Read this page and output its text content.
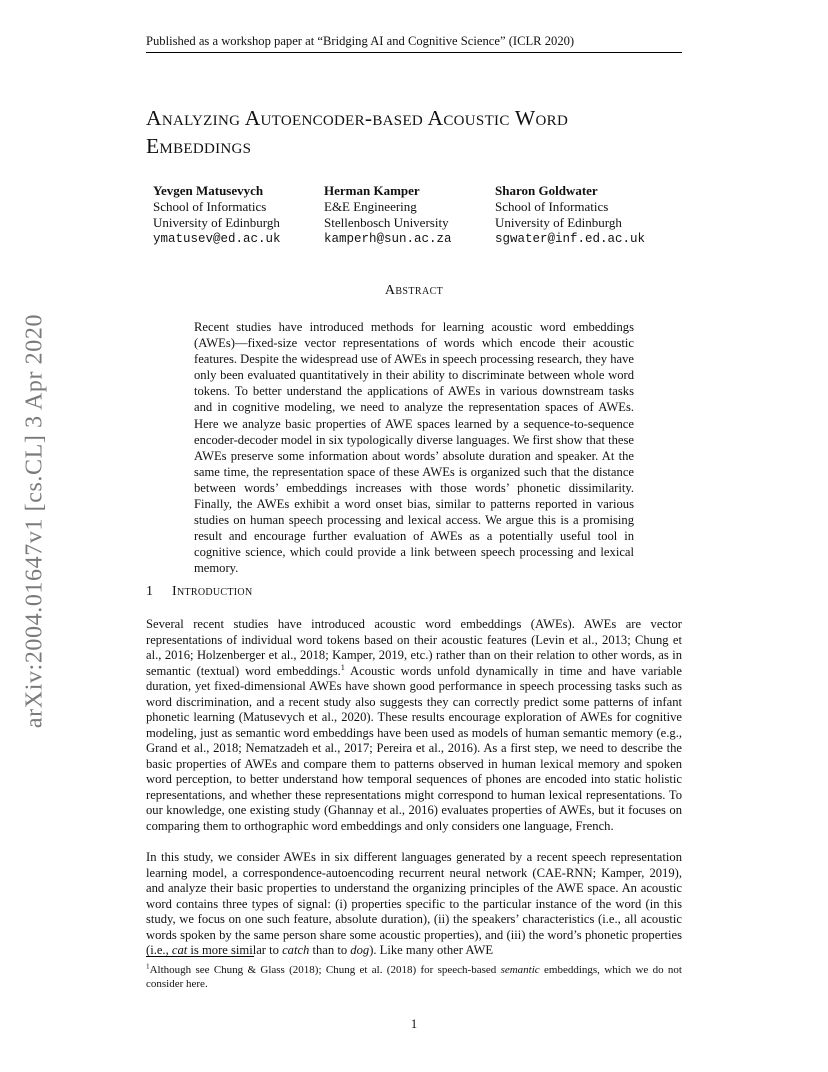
Published as a workshop paper at “Bridging AI and Cognitive Science” (ICLR 2020)
arXiv:2004.01647v1 [cs.CL] 3 Apr 2020
Analyzing Autoencoder-based Acoustic Word
Embeddings
Yevgen Matusevych
School of Informatics
University of Edinburgh
ymatusev@ed.ac.uk
Herman Kamper
E&E Engineering
Stellenbosch University
kamperh@sun.ac.za
Sharon Goldwater
School of Informatics
University of Edinburgh
sgwater@inf.ed.ac.uk
Abstract
Recent studies have introduced methods for learning acoustic word embeddings (AWEs)—fixed-size vector representations of words which encode their acoustic features. Despite the widespread use of AWEs in speech processing research, they have only been evaluated quantitatively in their ability to discriminate between whole word tokens. To better understand the applications of AWEs in various downstream tasks and in cognitive modeling, we need to analyze the representation spaces of AWEs. Here we analyze basic properties of AWE spaces learned by a sequence-to-sequence encoder-decoder model in six typologically diverse languages. We first show that these AWEs preserve some information about words’ absolute duration and speaker. At the same time, the representation space of these AWEs is organized such that the distance between words’ embeddings increases with those words’ phonetic dissimilarity. Finally, the AWEs exhibit a word onset bias, similar to patterns reported in various studies on human speech processing and lexical access. We argue this is a promising result and encourage further evaluation of AWEs as a potentially useful tool in cognitive science, which could provide a link between speech processing and lexical memory.
1 Introduction
Several recent studies have introduced acoustic word embeddings (AWEs). AWEs are vector representations of individual word tokens based on their acoustic features (Levin et al., 2013; Chung et al., 2016; Holzenberger et al., 2018; Kamper, 2019, etc.) rather than on their relation to other words, as in semantic (textual) word embeddings.$^1$ Acoustic words unfold dynamically in time and have variable duration, yet fixed-dimensional AWEs have shown good performance in speech processing tasks such as word discrimination, and a recent study also suggests they can correctly predict some patterns of infant phonetic learning (Matusevych et al., 2020). These results encourage exploration of AWEs for cognitive modeling, just as semantic word embeddings have been used as models of human semantic memory (e.g., Grand et al., 2018; Nematzadeh et al., 2017; Pereira et al., 2016). As a first step, we need to describe the basic properties of AWEs and compare them to patterns observed in human lexical memory and spoken word perception, to better understand how temporal sequences of phones are encoded into static holistic representations, and whether these representations might correspond to human lexical representations. To our knowledge, one existing study (Ghannay et al., 2016) evaluates properties of AWEs, but it focuses on comparing them to orthographic word embeddings and only considers one language, French.
In this study, we consider AWEs in six different languages generated by a recent speech representation learning model, a correspondence-autoencoding recurrent neural network (CAE-RNN; Kamper, 2019), and analyze their basic properties to understand the organizing principles of the AWE space. An acoustic word contains three types of signal: (i) properties specific to the particular instance of the word (in this study, we focus on one such feature, absolute duration), (ii) the speakers’ characteristics (i.e., all acoustic words spoken by the same person share some acoustic properties), and (iii) the word’s phonetic properties (i.e., cat is more similar to catch than to dog). Like many other AWE
$^1$Although see Chung & Glass (2018); Chung et al. (2018) for speech-based semantic embeddings, which we do not consider here.
1
